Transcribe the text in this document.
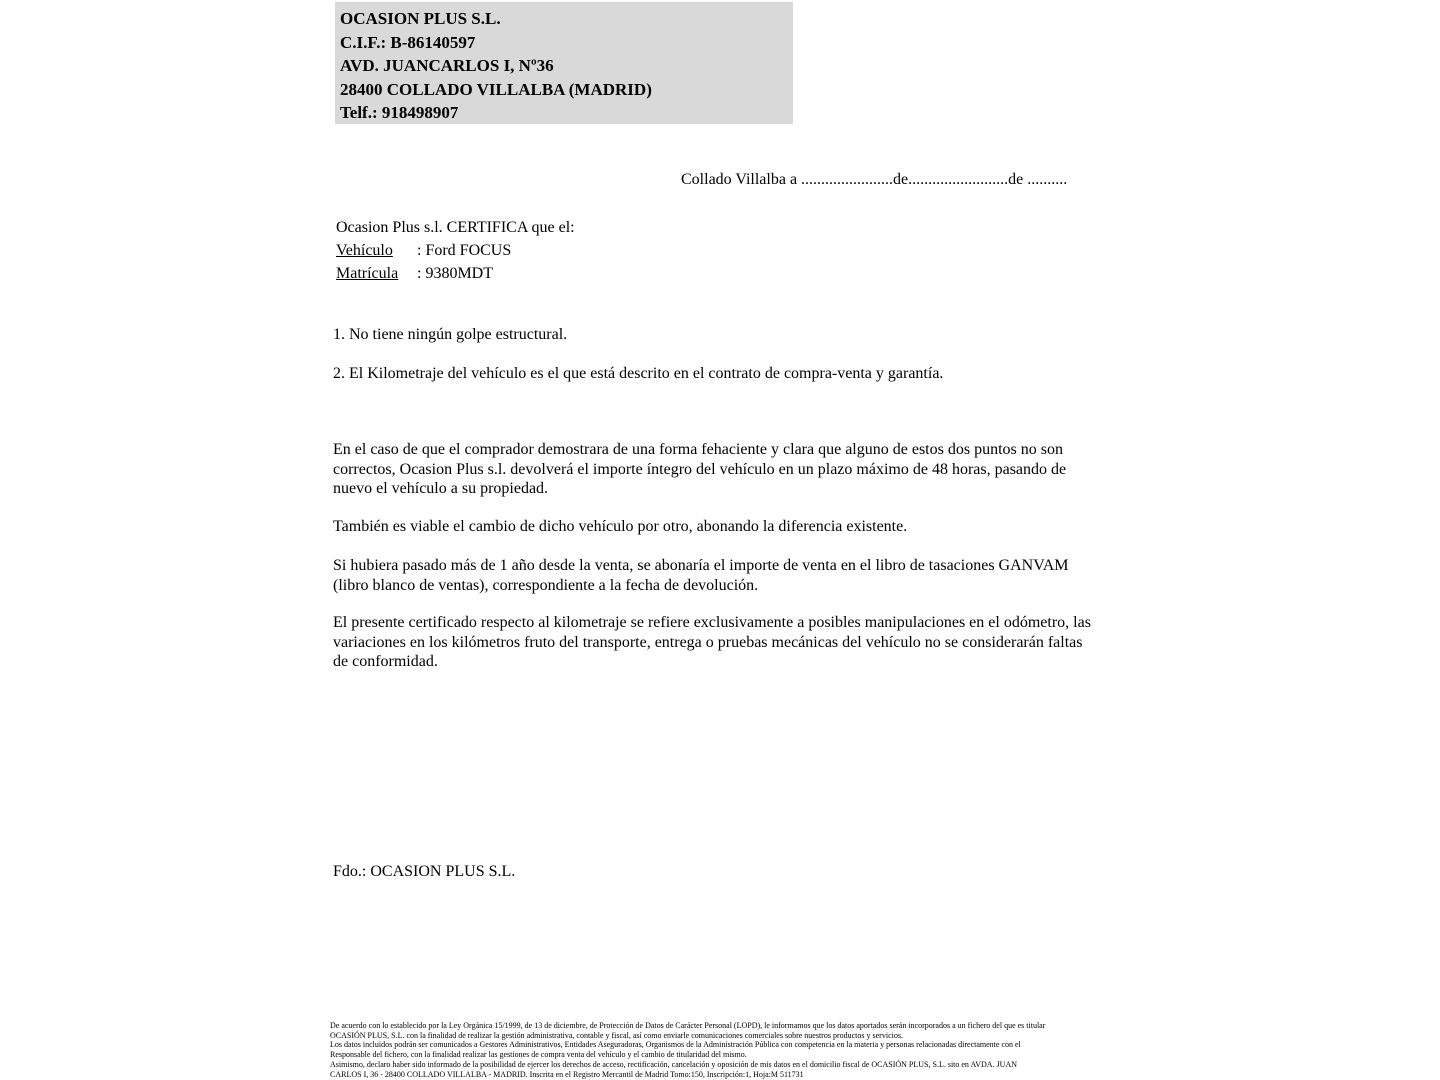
OCASION PLUS S.L.
C.I.F.: B-86140597
AVD. JUANCARLOS I, Nº36
28400 COLLADO VILLALBA (MADRID)
Telf.: 918498907
Collado Villalba a .......................de.........................de ..........
Ocasion Plus s.l. CERTIFICA que el:
Vehículo : Ford FOCUS
Matrícula : 9380MDT
1. No tiene ningún golpe estructural.
2. El Kilometraje del vehículo es el que está descrito en el contrato de compra-venta y garantía.
En el caso de que el comprador demostrara de una forma fehaciente y clara que alguno de estos dos puntos no son correctos, Ocasion Plus s.l. devolverá el importe íntegro del vehículo en un plazo máximo de 48 horas, pasando de nuevo el vehículo a su propiedad.
También es viable el cambio de dicho vehículo por otro, abonando la diferencia existente.
Si hubiera pasado más de 1 año desde la venta, se abonaría el importe de venta en el libro de tasaciones GANVAM (libro blanco de ventas), correspondiente a la fecha de devolución.
El presente certificado respecto al kilometraje se refiere exclusivamente a posibles manipulaciones en el odómetro, las variaciones en los kilómetros fruto del transporte, entrega o pruebas mecánicas del vehículo no se considerarán faltas de conformidad.
Fdo.: OCASION PLUS S.L.
De acuerdo con lo establecido por la Ley Orgánica 15/1999, de 13 de diciembre, de Protección de Datos de Carácter Personal (LOPD), le informamos que los datos aportados serán incorporados a un fichero del que es titular
OCASIÓN PLUS, S.L. con la finalidad de realizar la gestión administrativa, contable y fiscal, así como enviarle comunicaciones comerciales sobre nuestros productos y servicios.
Los datos incluidos podrán ser comunicados a Gestores Administrativos, Entidades Aseguradoras, Organismos de la Administración Pública con competencia en la materia y personas relacionadas directamente con el
Responsable del fichero, con la finalidad realizar las gestiones de compra venta del vehículo y el cambio de titularidad del mismo.
Asimismo, declaro haber sido informado de la posibilidad de ejercer los derechos de acceso, rectificación, cancelación y oposición de mis datos en el domicilio fiscal de OCASIÓN PLUS, S.L. sito en AVDA. JUAN
CARLOS I, 36 - 28400 COLLADO VILLALBA - MADRID. Inscrita en el Registro Mercantil de Madrid Tomo:150, Inscripción:1, Hoja:M 511731
